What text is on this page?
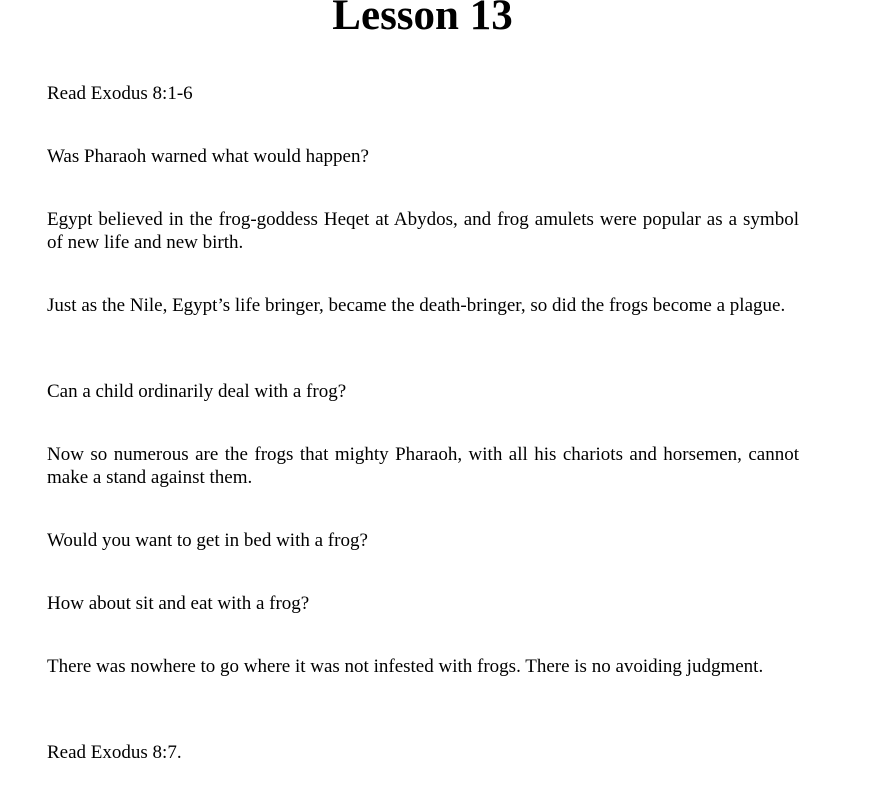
Lesson 13

Read Exodus 8:1-6

Was Pharaoh warned what would happen?

Egypt believed in the frog-goddess Heqet at Abydos, and frog amulets were popular as a symbol of new life and new birth.

Just as the Nile, Egypt’s life bringer, became the death-bringer, so did the frogs become a plague.

Can a child ordinarily deal with a frog?

Now so numerous are the frogs that mighty Pharaoh, with all his chariots and horsemen, cannot make a stand against them.

Would you want to get in bed with a frog?

How about sit and eat with a frog?

There was nowhere to go where it was not infested with frogs. There is no avoiding judgment.

Read Exodus 8:7.
